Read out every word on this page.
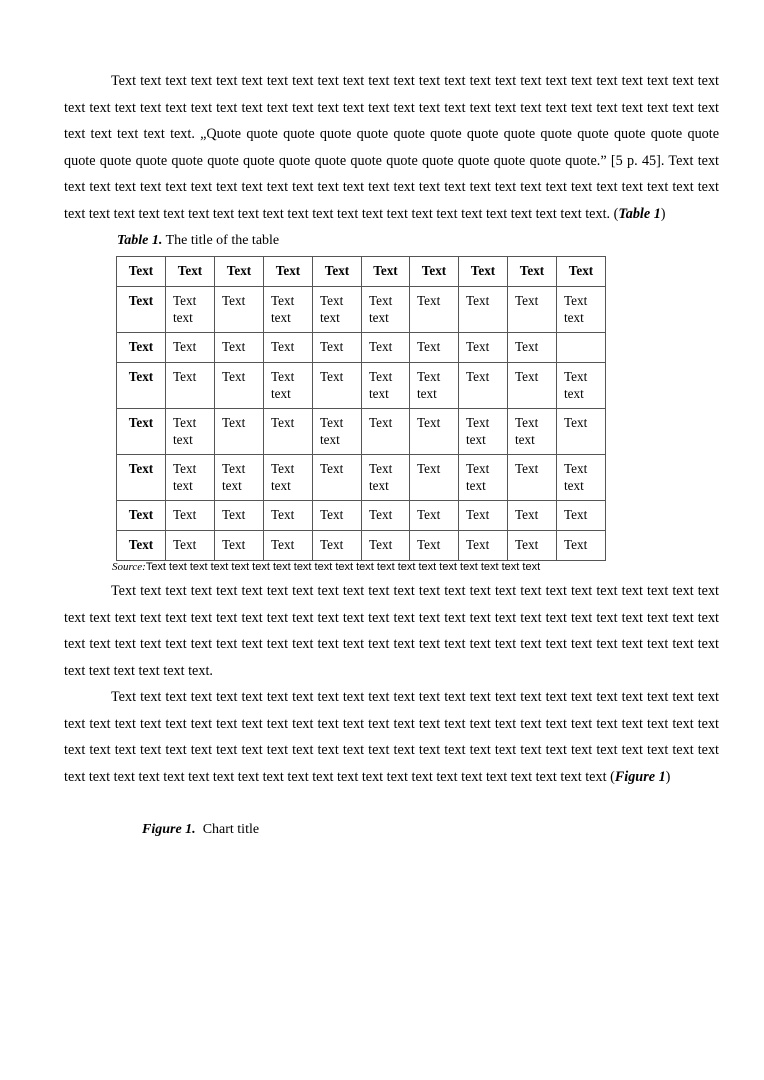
Text text text text text text text text text text text text text text text text text text text text text text text text text text text text text text text text text text text text text text text text text text text text text text text text text text text text text text text. „Quote quote quote quote quote quote quote quote quote quote quote quote quote quote quote quote quote quote quote quote quote quote quote quote quote quote quote quote quote.” [5 p. 45]. Text text text text text text text text text text text text text text text text text text text text text text text text text text text text text text text text text text text text text text text text text text text text text text text text text text. (Table 1)

Table 1. The title of the table
Text	Text	Text	Text	Text	Text	Text	Text	Text	Text
Text	Text text	Text	Text text	Text text	Text text	Text	Text	Text	Text text
Text	Text	Text	Text	Text	Text	Text	Text	Text	
Text	Text	Text	Text text	Text	Text text	Text text	Text	Text	Text text
Text	Text text	Text	Text	Text text	Text	Text	Text text	Text text	Text
Text	Text text	Text text	Text text	Text	Text text	Text	Text text	Text	Text text
Text	Text	Text	Text	Text	Text	Text	Text	Text	Text
Text	Text	Text	Text	Text	Text	Text	Text	Text	Text
Source:Text text text text text text text text text text text text text text text text text text text

Text text text text text text text text text text text text text text text text text text text text text text text text text text text text text text text text text text text text text text text text text text text text text text text text text text text text text text text text text text text text text text text text text text text text text text text text text text text text text text text text text text.

Text text text text text text text text text text text text text text text text text text text text text text text text text text text text text text text text text text text text text text text text text text text text text text text text text text text text text text text text text text text text text text text text text text text text text text text text text text text text text text text text text text text text text text text text text text text text text text text text text text (Figure 1)

Figure 1. Chart title
